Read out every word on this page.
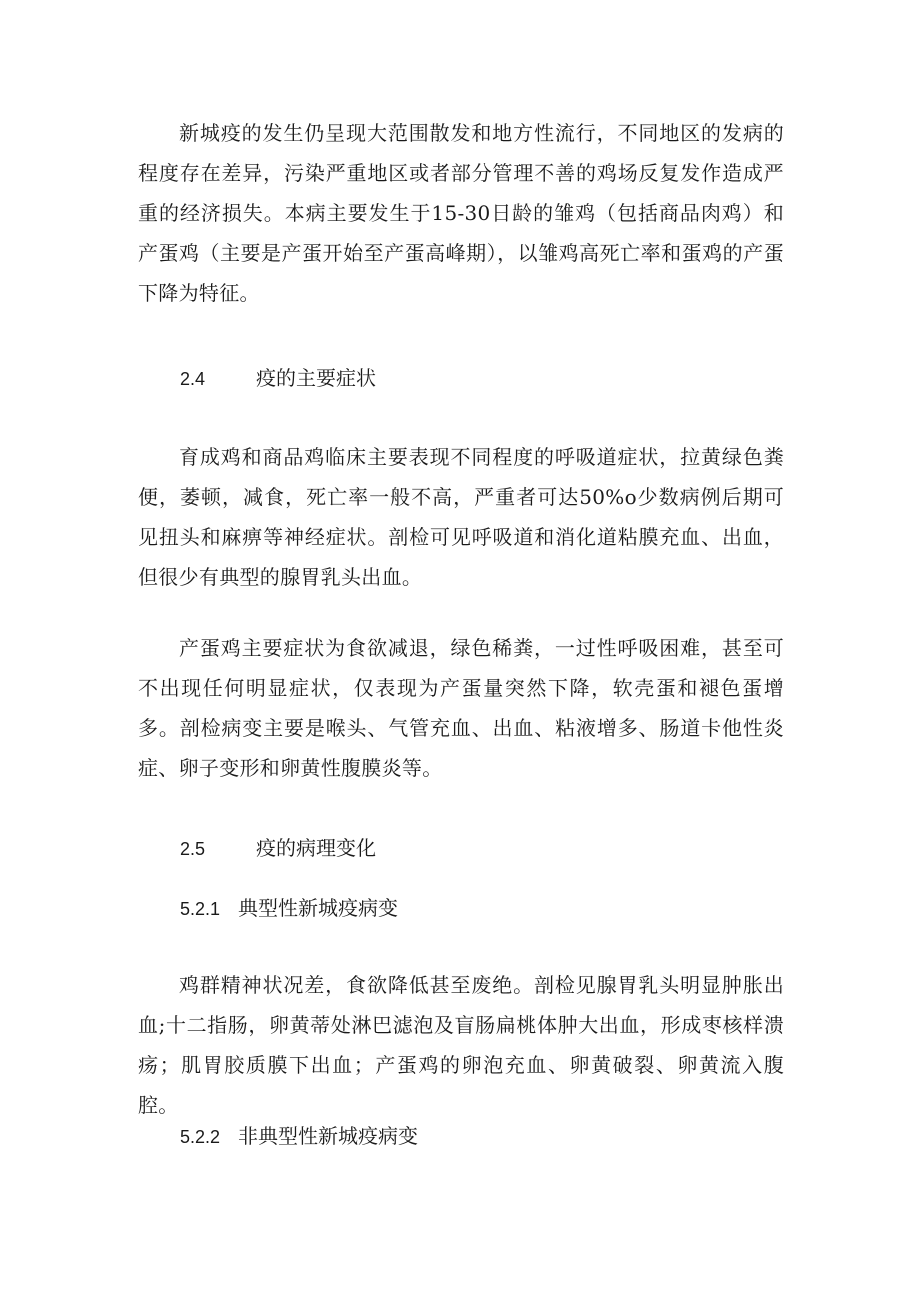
新城疫的发生仍呈现大范围散发和地方性流行，不同地区的发病的程度存在差异，污染严重地区或者部分管理不善的鸡场反复发作造成严重的经济损失。本病主要发生于15-30日龄的雏鸡（包括商品肉鸡）和产蛋鸡（主要是产蛋开始至产蛋高峰期），以雏鸡高死亡率和蛋鸡的产蛋下降为特征。

2.4	疫的主要症状

育成鸡和商品鸡临床主要表现不同程度的呼吸道症状，拉黄绿色粪便，萎顿，减食，死亡率一般不高，严重者可达50%o少数病例后期可见扭头和麻痹等神经症状。剖检可见呼吸道和消化道粘膜充血、出血，但很少有典型的腺胃乳头出血。

产蛋鸡主要症状为食欲减退，绿色稀粪，一过性呼吸困难，甚至可不出现任何明显症状，仅表现为产蛋量突然下降，软壳蛋和褪色蛋增多。剖检病变主要是喉头、气管充血、出血、粘液增多、肠道卡他性炎症、卵子变形和卵黄性腹膜炎等。

2.5	疫的病理变化
5.2.1 典型性新城疫病变

鸡群精神状况差，食欲降低甚至废绝。剖检见腺胃乳头明显肿胀出血;十二指肠，卵黄蒂处淋巴滤泡及盲肠扁桃体肿大出血，形成枣核样溃疡；肌胃胶质膜下出血；产蛋鸡的卵泡充血、卵黄破裂、卵黄流入腹腔。

5.2.2 非典型性新城疫病变
